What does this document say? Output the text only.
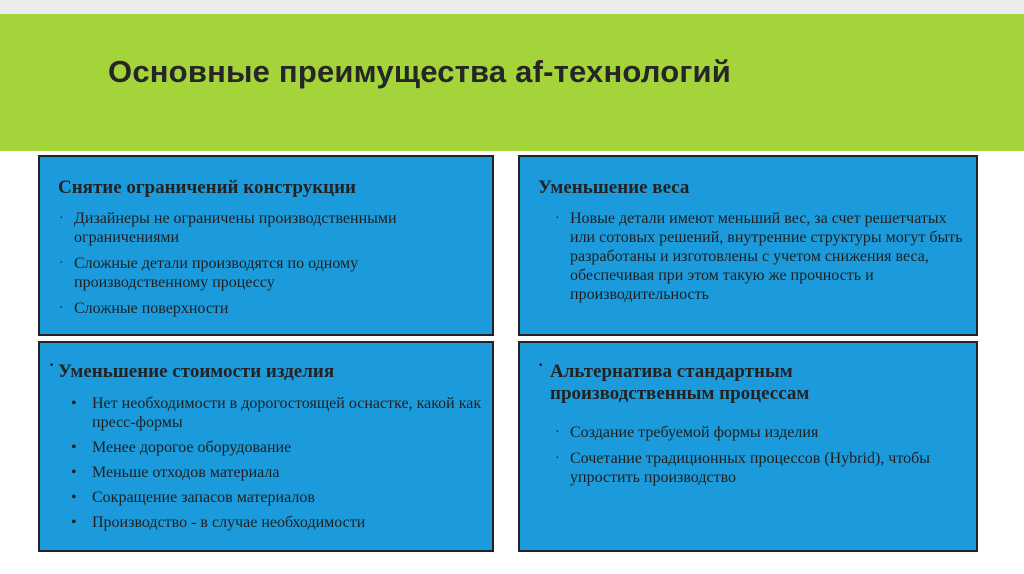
Основные преимущества af-технологий
Снятие ограничений конструкции
· Дизайнеры не ограничены производственными ограничениями
· Сложные детали производятся по одному производственному процессу
· Сложные поверхности
Уменьшение веса
· Новые детали имеют меньший вес, за счет решетчатых или сотовых решений, внутренние структуры могут быть разработаны и изготовлены с учетом снижения веса, обеспечивая при этом такую же прочность и производительность
· Уменьшение стоимости изделия
• Нет необходимости в дорогостоящей оснастке, какой как пресс-формы
• Менее дорогое оборудование
• Меньше отходов материала
• Сокращение запасов материалов
• Производство - в случае необходимости
· Альтернатива стандартным производственным процессам
· Создание требуемой формы изделия
· Сочетание традиционных процессов (Hybrid), чтобы упростить производство
